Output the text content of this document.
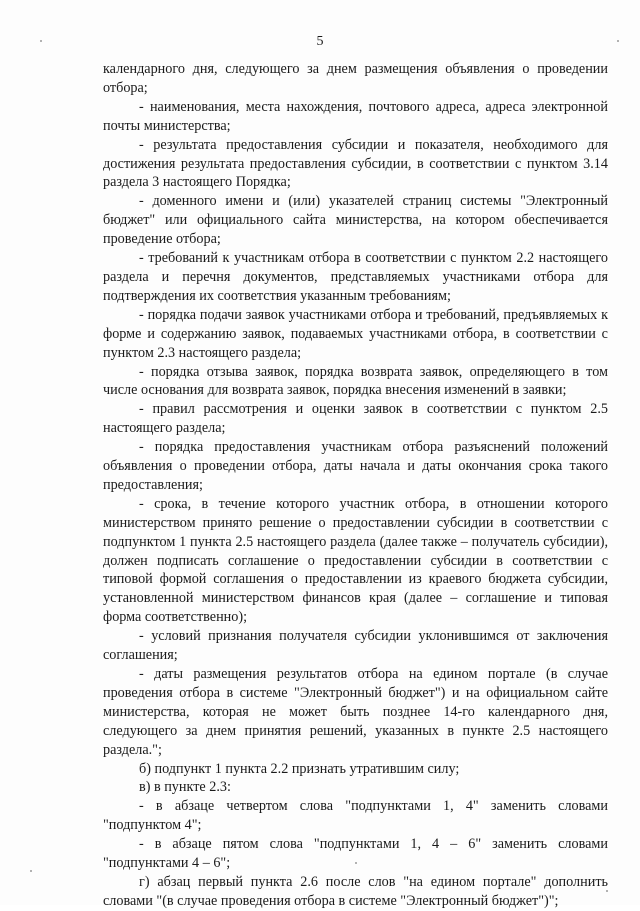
5

календарного дня, следующего за днем размещения объявления о проведении отбора;

- наименования, места нахождения, почтового адреса, адреса электронной почты министерства;

- результата предоставления субсидии и показателя, необходимого для достижения результата предоставления субсидии, в соответствии с пунктом 3.14 раздела 3 настоящего Порядка;

- доменного имени и (или) указателей страниц системы "Электронный бюджет" или официального сайта министерства, на котором обеспечивается проведение отбора;

- требований к участникам отбора в соответствии с пунктом 2.2 настоящего раздела и перечня документов, представляемых участниками отбора для подтверждения их соответствия указанным требованиям;

- порядка подачи заявок участниками отбора и требований, предъявляемых к форме и содержанию заявок, подаваемых участниками отбора, в соответствии с пунктом 2.3 настоящего раздела;

- порядка отзыва заявок, порядка возврата заявок, определяющего в том числе основания для возврата заявок, порядка внесения изменений в заявки;

- правил рассмотрения и оценки заявок в соответствии с пунктом 2.5 настоящего раздела;

- порядка предоставления участникам отбора разъяснений положений объявления о проведении отбора, даты начала и даты окончания срока такого предоставления;

- срока, в течение которого участник отбора, в отношении которого министерством принято решение о предоставлении субсидии в соответствии с подпунктом 1 пункта 2.5 настоящего раздела (далее также – получатель субсидии), должен подписать соглашение о предоставлении субсидии в соответствии с типовой формой соглашения о предоставлении из краевого бюджета субсидии, установленной министерством финансов края (далее – соглашение и типовая форма соответственно);

- условий признания получателя субсидии уклонившимся от заключения соглашения;

- даты размещения результатов отбора на едином портале (в случае проведения отбора в системе "Электронный бюджет") и на официальном сайте министерства, которая не может быть позднее 14-го календарного дня, следующего за днем принятия решений, указанных в пункте 2.5 настоящего раздела.";

б) подпункт 1 пункта 2.2 признать утратившим силу;

в) в пункте 2.3:

- в абзаце четвертом слова "подпунктами 1, 4" заменить словами "подпунктом 4";

- в абзаце пятом слова "подпунктами 1, 4 – 6" заменить словами "подпунктами 4 – 6";

г) абзац первый пункта 2.6 после слов "на едином портале" дополнить словами "(в случае проведения отбора в системе "Электронный бюджет")";
